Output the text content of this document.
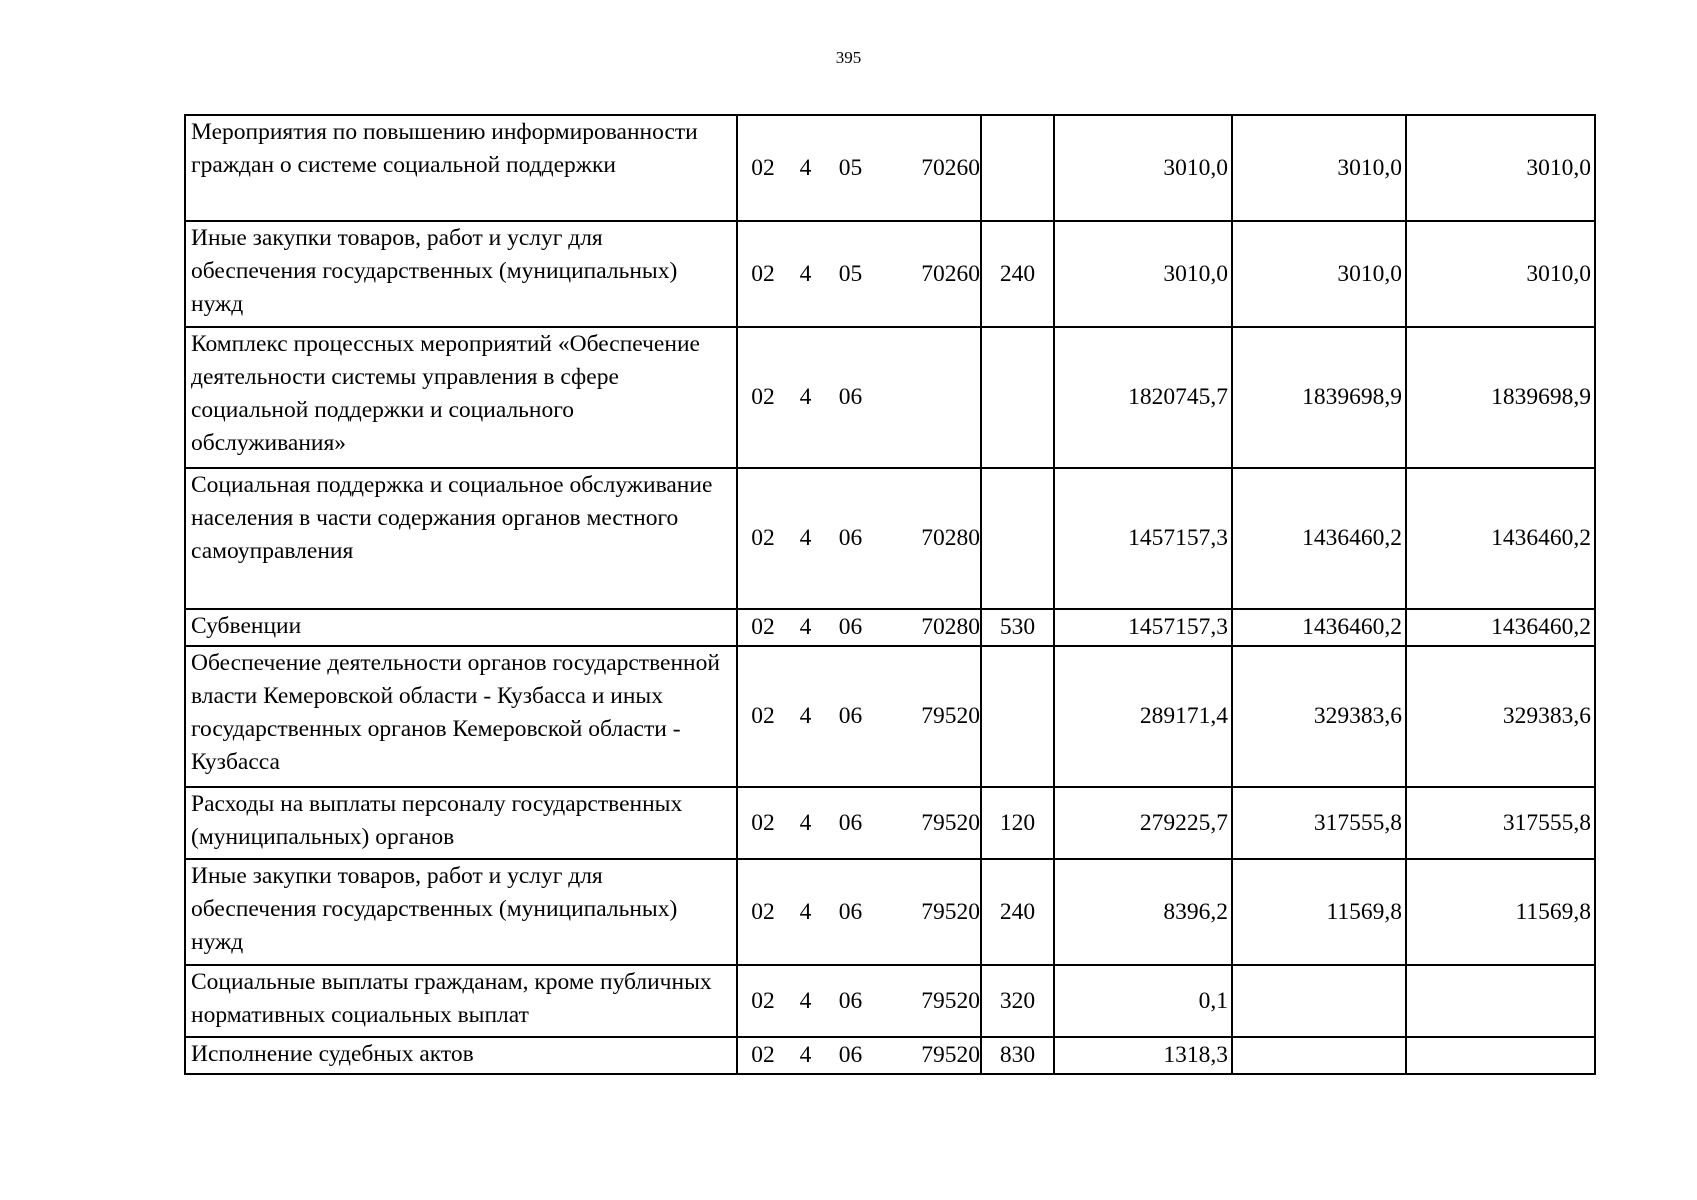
395
Мероприятия по повышению информированности граждан о системе социальной поддержки	02 4 05 70260		3010,0	3010,0	3010,0
Иные закупки товаров, работ и услуг для обеспечения государственных (муниципальных) нужд	02 4 05 70260	240	3010,0	3010,0	3010,0
Комплекс процессных мероприятий «Обеспечение деятельности системы управления в сфере социальной поддержки и социального обслуживания»	02 4 06		1820745,7	1839698,9	1839698,9
Социальная поддержка и социальное обслуживание населения в части содержания органов местного самоуправления	02 4 06 70280		1457157,3	1436460,2	1436460,2
Субвенции	02 4 06 70280	530	1457157,3	1436460,2	1436460,2
Обеспечение деятельности органов государственной власти Кемеровской области - Кузбасса и иных государственных органов Кемеровской области - Кузбасса	02 4 06 79520		289171,4	329383,6	329383,6
Расходы на выплаты персоналу государственных (муниципальных) органов	02 4 06 79520	120	279225,7	317555,8	317555,8
Иные закупки товаров, работ и услуг для обеспечения государственных (муниципальных) нужд	02 4 06 79520	240	8396,2	11569,8	11569,8
Социальные выплаты гражданам, кроме публичных нормативных социальных выплат	02 4 06 79520	320	0,1		
Исполнение судебных актов	02 4 06 79520	830	1318,3		
